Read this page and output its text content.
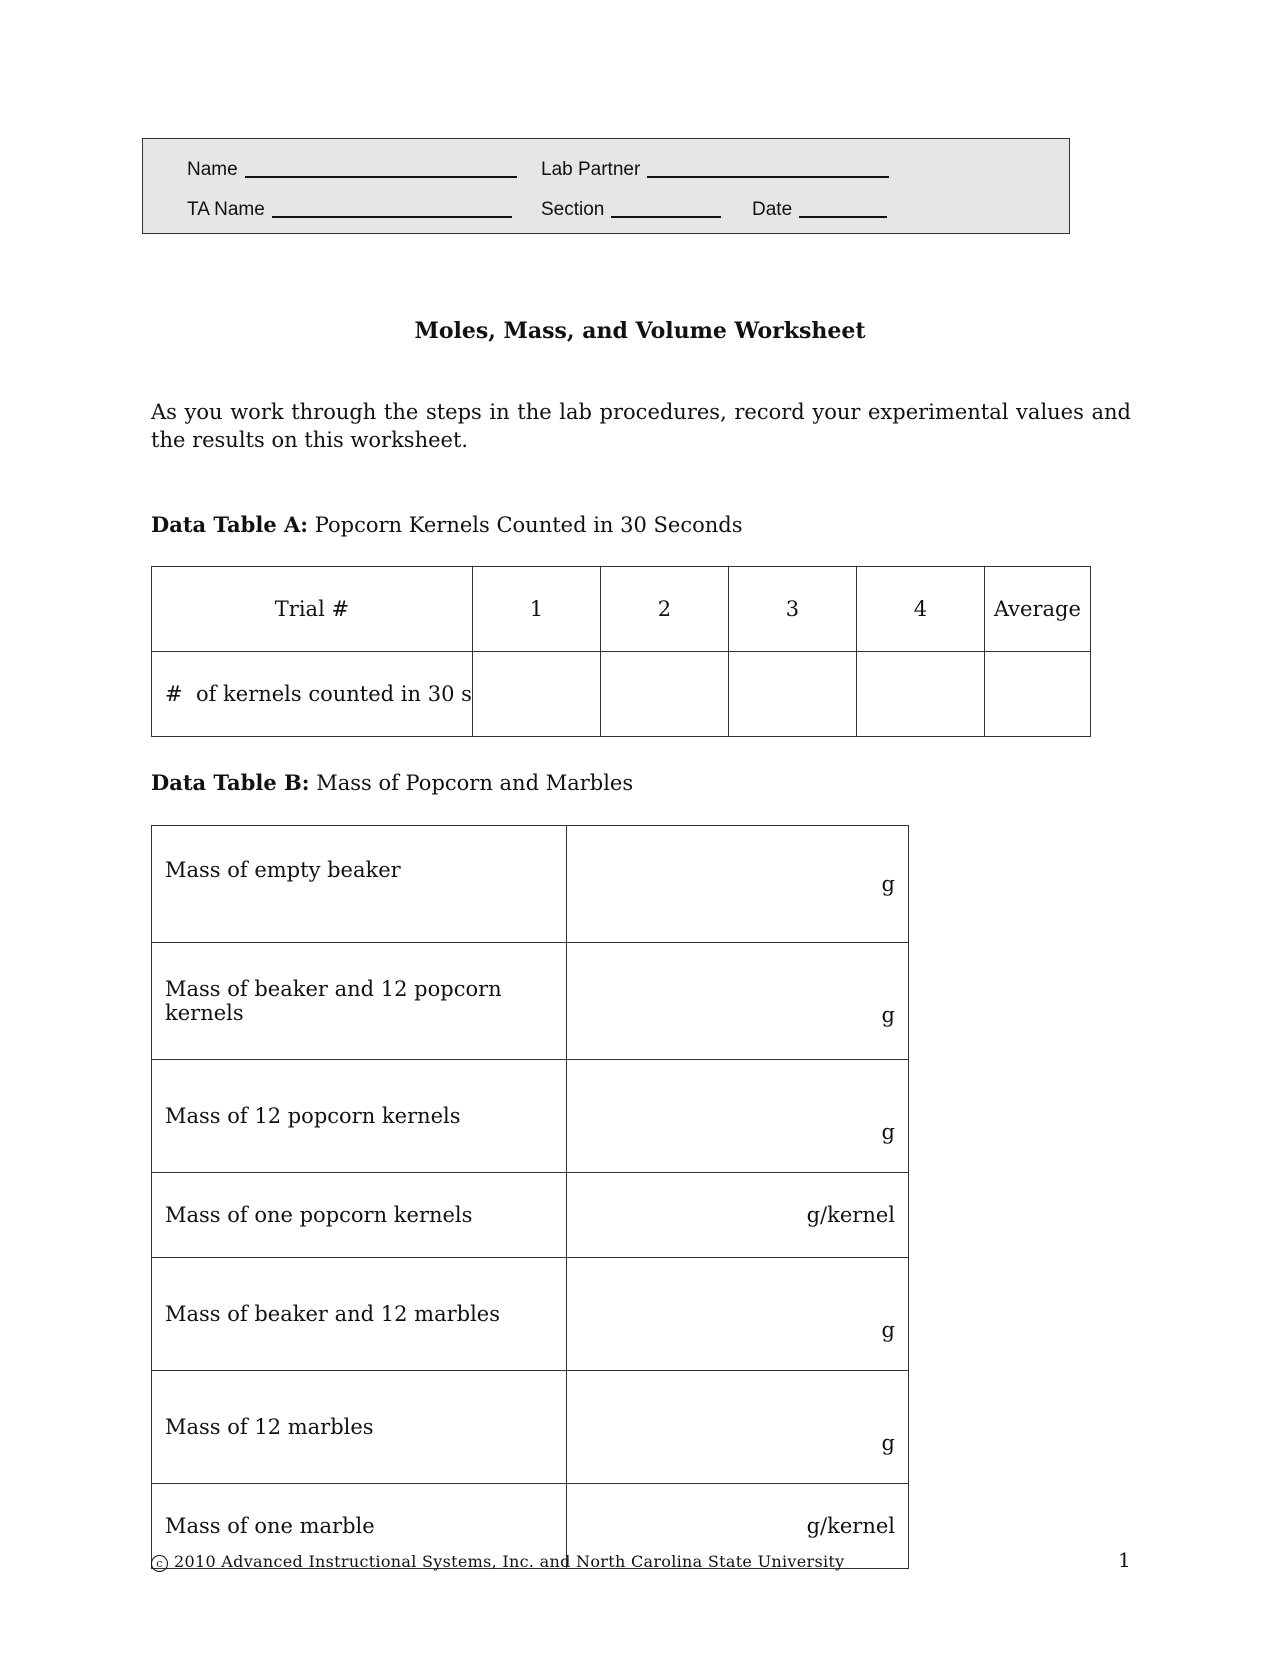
Name	Lab Partner
TA Name	Section	Date
Moles, Mass, and Volume Worksheet
As you work through the steps in the lab procedures, record your experimental values and the results on this worksheet.
Data Table A: Popcorn Kernels Counted in 30 Seconds
Trial #	1	2	3	4	Average
#  of kernels counted in 30 s					
Data Table B: Mass of Popcorn and Marbles
Mass of empty beaker	g
Mass of beaker and 12 popcorn kernels	g
Mass of 12 popcorn kernels	g
Mass of one popcorn kernels	g/kernel
Mass of beaker and 12 marbles	g
Mass of 12 marbles	g
Mass of one marble	g/kernel
c 2010 Advanced Instructional Systems, Inc. and North Carolina State University	1
